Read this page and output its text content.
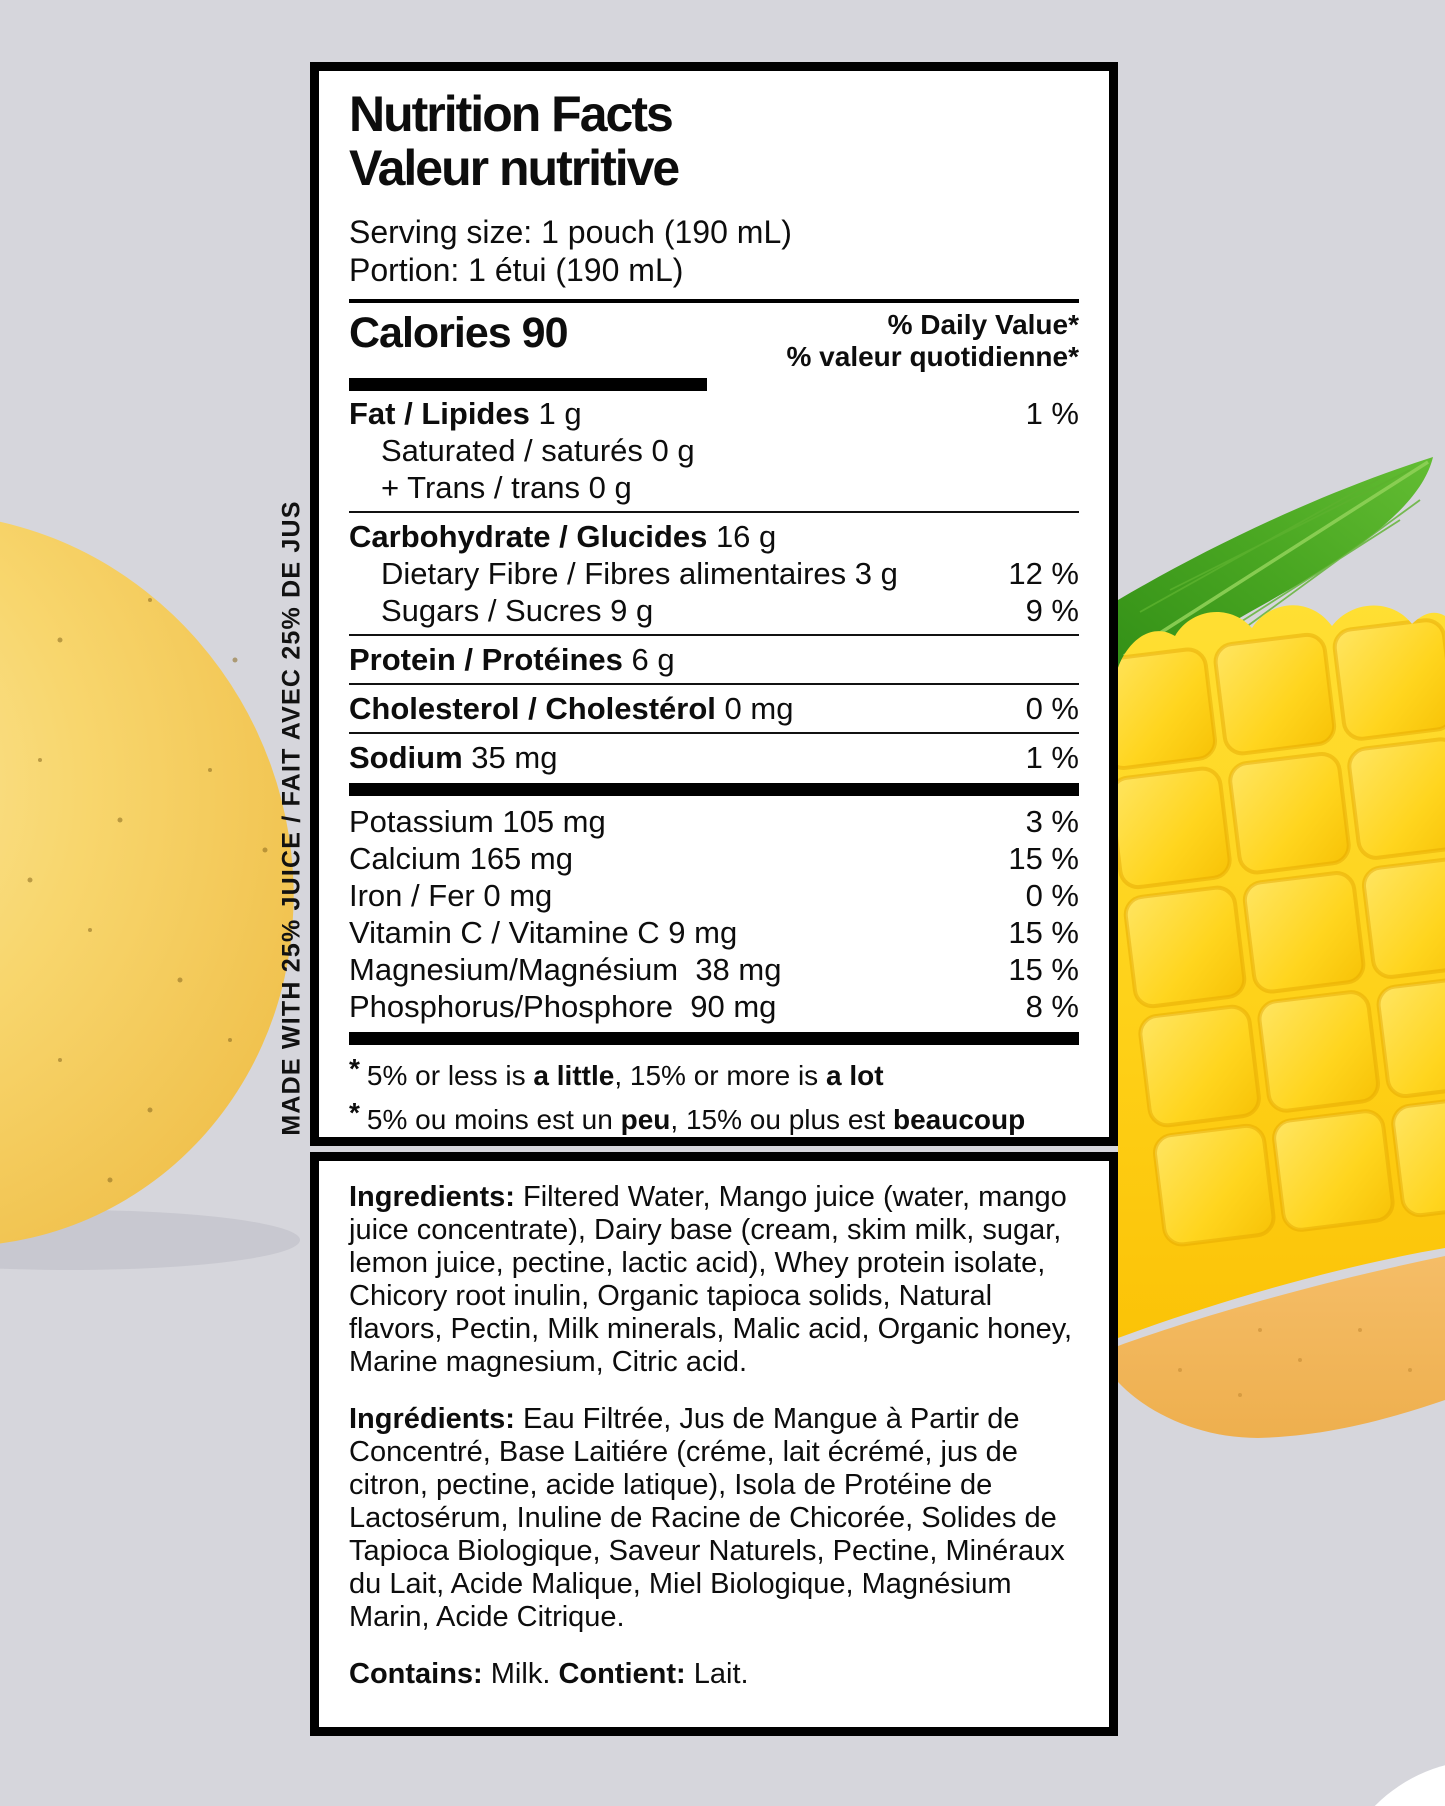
MADE WITH 25% JUICE / FAIT AVEC 25% DE JUS
Nutrition Facts
Valeur nutritive
Serving size: 1 pouch (190 mL)
Portion: 1 étui (190 mL)
Calories 90	% Daily Value*
% valeur quotidienne*
Fat / Lipides 1 g	1 %
Saturated / saturés 0 g
+ Trans / trans 0 g
Carbohydrate / Glucides 16 g
Dietary Fibre / Fibres alimentaires 3 g	12 %
Sugars / Sucres 9 g	9 %
Protein / Protéines 6 g
Cholesterol / Cholestérol 0 mg	0 %
Sodium 35 mg	1 %
Potassium 105 mg	3 %
Calcium 165 mg	15 %
Iron / Fer 0 mg	0 %
Vitamin C / Vitamine C 9 mg	15 %
Magnesium/Magnésium  38 mg	15 %
Phosphorus/Phosphore  90 mg	8 %
* 5% or less is a little, 15% or more is a lot
* 5% ou moins est un peu, 15% ou plus est beaucoup

Ingredients: Filtered Water, Mango juice (water, mango juice concentrate), Dairy base (cream, skim milk, sugar, lemon juice, pectine, lactic acid), Whey protein isolate, Chicory root inulin, Organic tapioca solids, Natural flavors, Pectin, Milk minerals, Malic acid, Organic honey, Marine magnesium, Citric acid.

Ingrédients: Eau Filtrée, Jus de Mangue à Partir de Concentré, Base Laitiére (créme, lait écrémé, jus de citron, pectine, acide latique), Isola de Protéine de Lactosérum, Inuline de Racine de Chicorée, Solides de Tapioca Biologique, Saveur Naturels, Pectine, Minéraux du Lait, Acide Malique, Miel Biologique, Magnésium Marin, Acide Citrique.

Contains: Milk. Contient: Lait.
